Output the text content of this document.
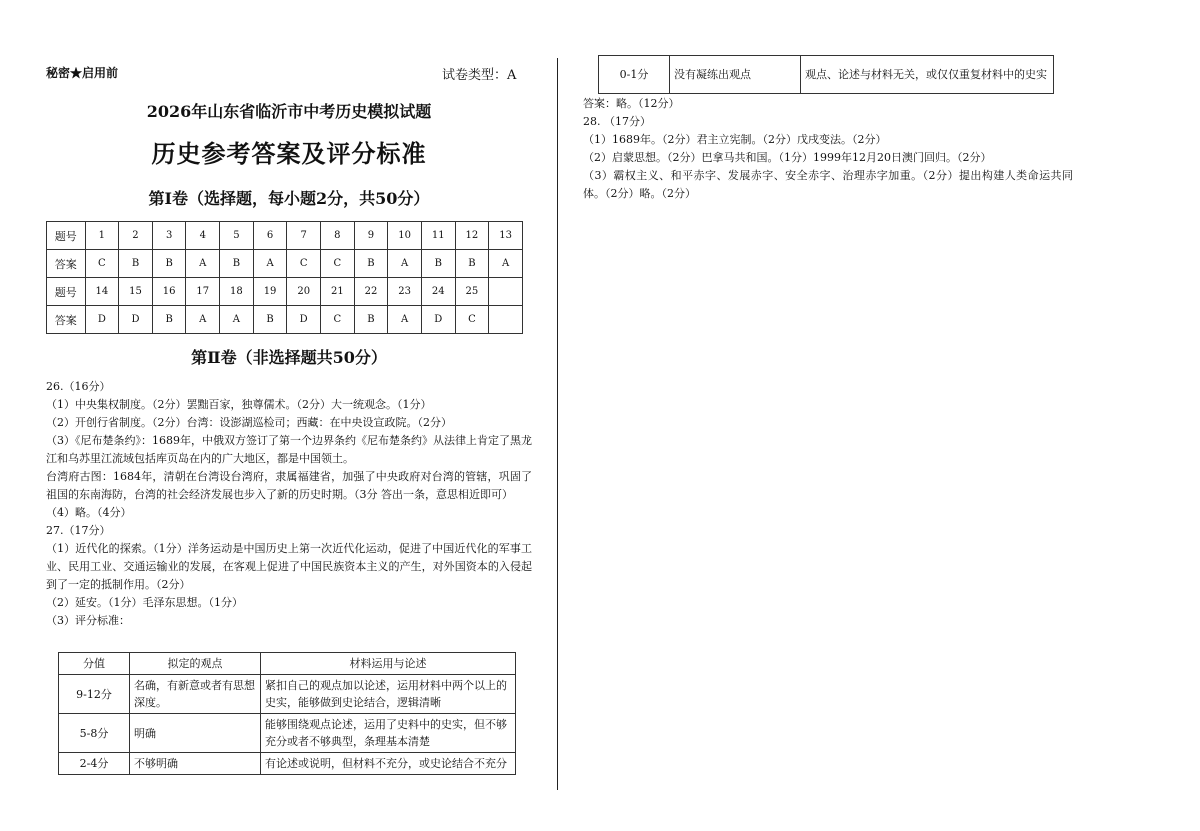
秘密★启用前	试卷类型：A
2026年山东省临沂市中考历史模拟试题
历史参考答案及评分标准
第Ⅰ卷（选择题，每小题2分，共50分）
题号	1	2	3	4	5	6	7	8	9	10	11	12	13
答案	C	B	B	A	B	A	C	C	B	A	B	B	A
题号	14	15	16	17	18	19	20	21	22	23	24	25	
答案	D	D	B	A	A	B	D	C	B	A	D	C	
第Ⅱ卷（非选择题共50分）
26.（16分）
（1）中央集权制度。（2分）罢黜百家，独尊儒术。（2分）大一统观念。（1分）
（2）开创行省制度。（2分）台湾：设澎湖巡检司；西藏：在中央设宣政院。（2分）
（3）《尼布楚条约》：1689年，中俄双方签订了第一个边界条约《尼布楚条约》从法律上肯定了黑龙江和乌苏里江流域包括库页岛在内的广大地区，都是中国领土。
台湾府古图：1684年，清朝在台湾设台湾府，隶属福建省，加强了中央政府对台湾的管辖，巩固了祖国的东南海防，台湾的社会经济发展也步入了新的历史时期。（3分 答出一条，意思相近即可）
（4）略。（4分）
27.（17分）
（1）近代化的探索。（1分）洋务运动是中国历史上第一次近代化运动，促进了中国近代化的军事工业、民用工业、交通运输业的发展，在客观上促进了中国民族资本主义的产生，对外国资本的入侵起到了一定的抵制作用。（2分）
（2）延安。（1分）毛泽东思想。（1分）
（3）评分标准：
分值	拟定的观点	材料运用与论述
9-12分	名确，有新意或者有思想深度。	紧扣自己的观点加以论述，运用材料中两个以上的史实，能够做到史论结合，逻辑清晰
5-8分	明确	能够围绕观点论述，运用了史料中的史实，但不够充分或者不够典型，条理基本清楚
2-4分	不够明确	有论述或说明，但材料不充分，或史论结合不充分
0-1分	没有凝练出观点	观点、论述与材料无关，或仅仅重复材料中的史实
答案：略。（12分）
28. （17分）
（1）1689年。（2分）君主立宪制。（2分）戊戌变法。（2分）
（2）启蒙思想。（2分）巴拿马共和国。（1分）1999年12月20日澳门回归。（2分）
（3）霸权主义、和平赤字、发展赤字、安全赤字、治理赤字加重。（2分）提出构建人类命运共同体。（2分）略。（2分）
